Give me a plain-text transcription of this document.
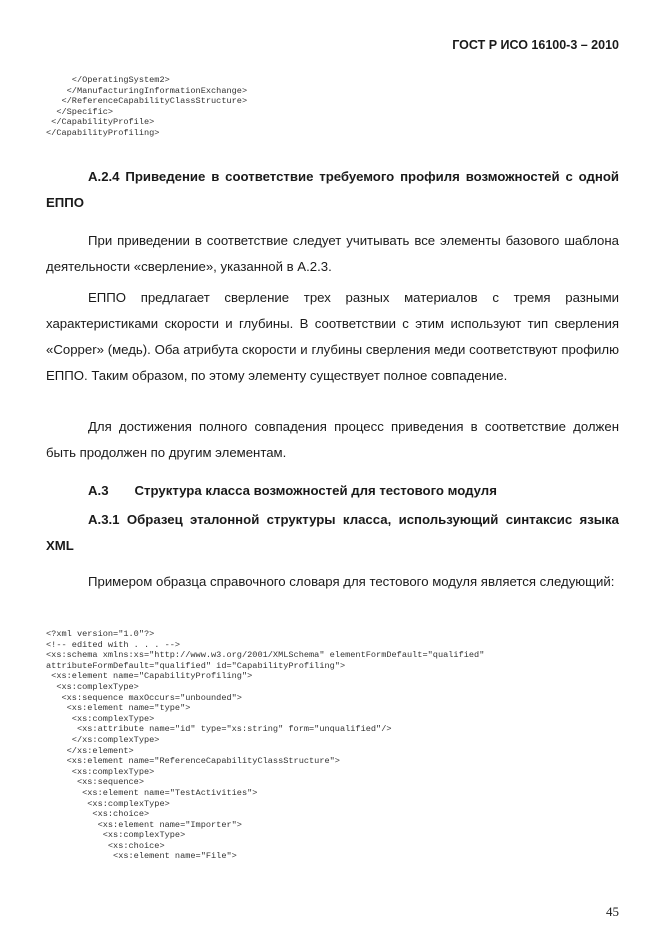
ГОСТ Р ИСО 16100-3 – 2010
</OperatingSystem2>
</ManufacturingInformationExchange>
</ReferenceCapabilityClassStructure>
</Specific>
</CapabilityProfile>
</CapabilityProfiling>

A.2.4 Приведение в соответствие требуемого профиля возможностей с одной ЕППО

При приведении в соответствие следует учитывать все элементы базового шаблона деятельности «сверление», указанной в A.2.3.

ЕППО предлагает сверление трех разных материалов с тремя разными характеристиками скорости и глубины. В соответствии с этим используют тип сверления «Copper» (медь). Оба атрибута скорости и глубины сверления меди соответствуют профилю ЕППО. Таким образом, по этому элементу существует полное совпадение.

Для достижения полного совпадения процесс приведения в соответствие должен быть продолжен по другим элементам.

A.3 Структура класса возможностей для тестового модуля

A.3.1 Образец эталонной структуры класса, использующий синтаксис языка XML

Примером образца справочного словаря для тестового модуля является следующий:

<?xml version="1.0"?>
<!-- edited with . . . -->
<xs:schema xmlns:xs="http://www.w3.org/2001/XMLSchema" elementFormDefault="qualified"
attributeFormDefault="qualified" id="CapabilityProfiling">
<xs:element name="CapabilityProfiling">
<xs:complexType>
<xs:sequence maxOccurs="unbounded">
<xs:element name="type">
<xs:complexType>
<xs:attribute name="id" type="xs:string" form="unqualified"/>
</xs:complexType>
</xs:element>
<xs:element name="ReferenceCapabilityClassStructure">
<xs:complexType>
<xs:sequence>
<xs:element name="TestActivities">
<xs:complexType>
<xs:choice>
<xs:element name="Importer">
<xs:complexType>
<xs:choice>
<xs:element name="File">

45
